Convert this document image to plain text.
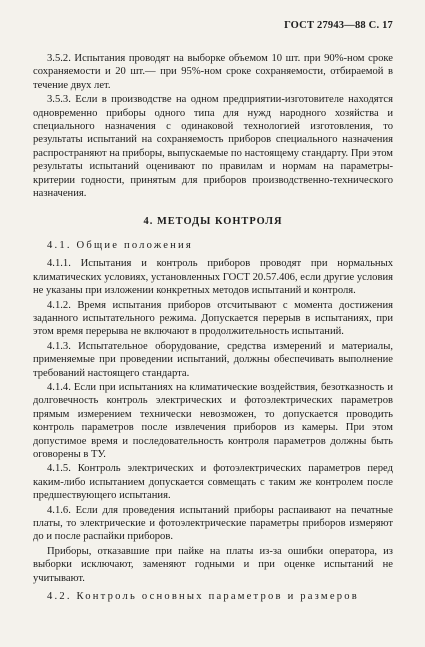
ГОСТ 27943—88 С. 17

3.5.2. Испытания проводят на выборке объемом 10 шт. при 90%-ном сроке сохраняемости и 20 шт.— при 95%-ном сроке сохраняемости, отбираемой в течение двух лет.

3.5.3. Если в производстве на одном предприятии-изготовителе находятся одновременно приборы одного типа для нужд народного хозяйства и специального назначения с одинаковой технологией изготовления, то результаты испытаний на сохраняемость приборов специального назначения распространяют на приборы, выпускаемые по настоящему стандарту. При этом результаты испытаний оценивают по правилам и нормам на параметры-критерии годности, принятым для приборов производственно-технического назначения.

4. МЕТОДЫ КОНТРОЛЯ

4.1. Общие положения

4.1.1. Испытания и контроль приборов проводят при нормальных климатических условиях, установленных ГОСТ 20.57.406, если другие условия не указаны при изложении конкретных методов испытаний и контроля.

4.1.2. Время испытания приборов отсчитывают с момента достижения заданного испытательного режима. Допускается перерыв в испытаниях, при этом время перерыва не включают в продолжительность испытаний.

4.1.3. Испытательное оборудование, средства измерений и материалы, применяемые при проведении испытаний, должны обеспечивать выполнение требований настоящего стандарта.

4.1.4. Если при испытаниях на климатические воздействия, безотказность и долговечность контроль электрических и фотоэлектрических параметров прямым измерением технически невозможен, то допускается проводить контроль параметров после извлечения приборов из камеры. При этом допустимое время и последовательность контроля параметров должны быть оговорены в ТУ.

4.1.5. Контроль электрических и фотоэлектрических параметров перед каким-либо испытанием допускается совмещать с таким же контролем после предшествующего испытания.

4.1.6. Если для проведения испытаний приборы распаивают на печатные платы, то электрические и фотоэлектрические параметры приборов измеряют до и после распайки приборов.

Приборы, отказавшие при пайке на платы из-за ошибки оператора, из выборки исключают, заменяют годными и при оценке испытаний не учитывают.

4.2. Контроль основных параметров и размеров
